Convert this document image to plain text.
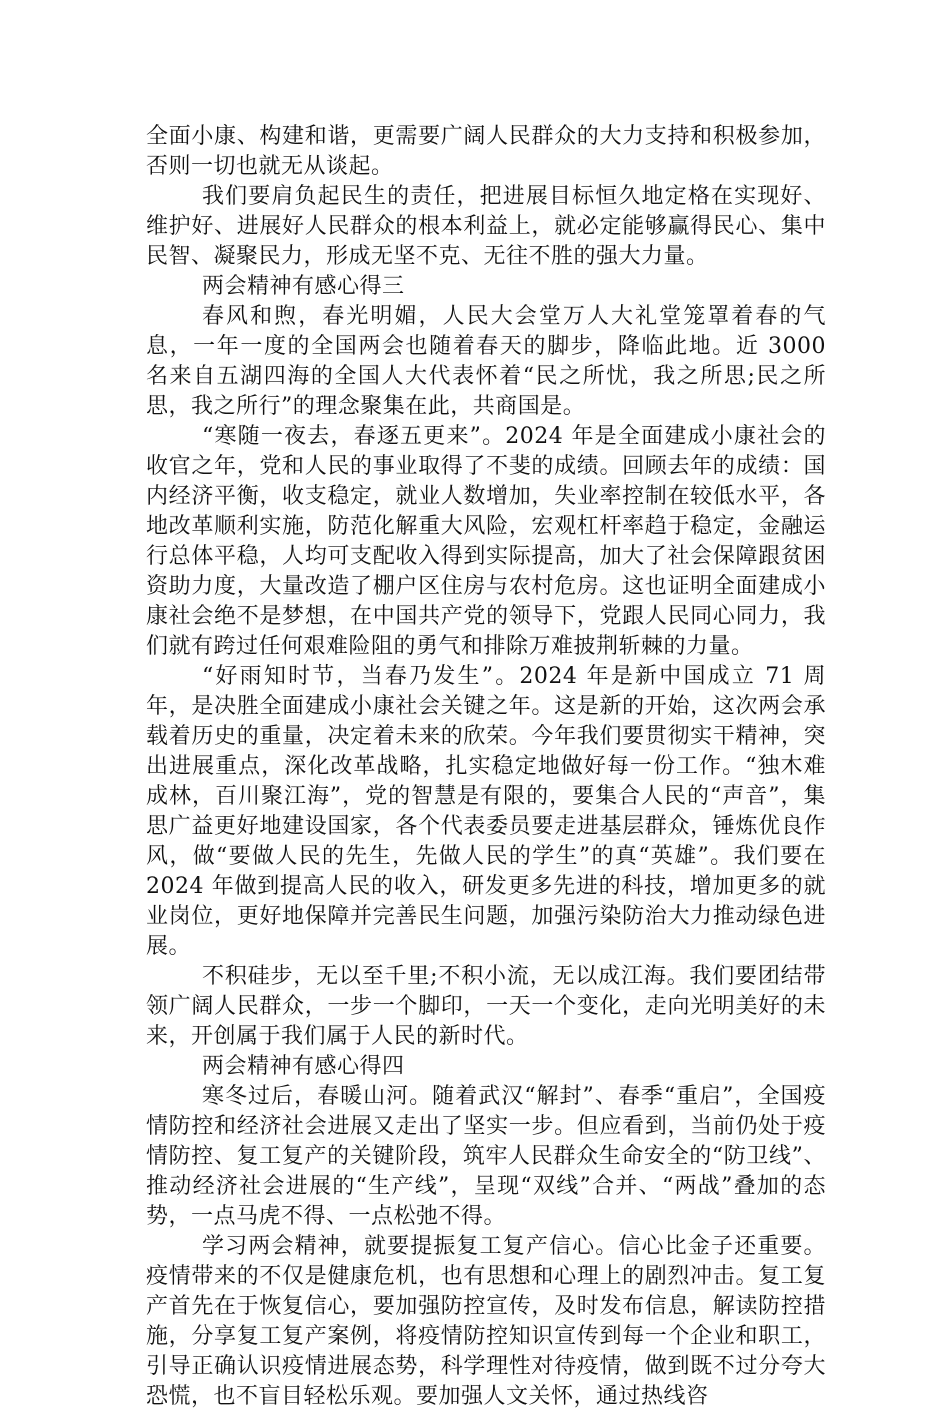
全面小康、构建和谐，更需要广阔人民群众的大力支持和积极参加，否则一切也就无从谈起。

我们要肩负起民生的责任，把进展目标恒久地定格在实现好、维护好、进展好人民群众的根本利益上，就必定能够赢得民心、集中民智、凝聚民力，形成无坚不克、无往不胜的强大力量。

两会精神有感心得三

春风和煦，春光明媚，人民大会堂万人大礼堂笼罩着春的气息，一年一度的全国两会也随着春天的脚步，降临此地。近 3000 名来自五湖四海的全国人大代表怀着“民之所忧，我之所思;民之所思，我之所行”的理念聚集在此，共商国是。

“寒随一夜去，春逐五更来”。2024 年是全面建成小康社会的收官之年，党和人民的事业取得了不斐的成绩。回顾去年的成绩：国内经济平衡，收支稳定，就业人数增加，失业率控制在较低水平，各地改革顺利实施，防范化解重大风险，宏观杠杆率趋于稳定，金融运行总体平稳，人均可支配收入得到实际提高，加大了社会保障跟贫困资助力度，大量改造了棚户区住房与农村危房。这也证明全面建成小康社会绝不是梦想，在中国共产党的领导下，党跟人民同心同力，我们就有跨过任何艰难险阻的勇气和排除万难披荆斩棘的力量。

“好雨知时节，当春乃发生”。2024 年是新中国成立 71 周年，是决胜全面建成小康社会关键之年。这是新的开始，这次两会承载着历史的重量，决定着未来的欣荣。今年我们要贯彻实干精神，突出进展重点，深化改革战略，扎实稳定地做好每一份工作。“独木难成林，百川聚江海”，党的智慧是有限的，要集合人民的“声音”，集思广益更好地建设国家，各个代表委员要走进基层群众，锤炼优良作风，做“要做人民的先生，先做人民的学生”的真“英雄”。我们要在 2024 年做到提高人民的收入，研发更多先进的科技，增加更多的就业岗位，更好地保障并完善民生问题，加强污染防治大力推动绿色进展。

不积硅步，无以至千里;不积小流，无以成江海。我们要团结带领广阔人民群众，一步一个脚印，一天一个变化，走向光明美好的未来，开创属于我们属于人民的新时代。

两会精神有感心得四

寒冬过后，春暖山河。随着武汉“解封”、春季“重启”，全国疫情防控和经济社会进展又走出了坚实一步。但应看到，当前仍处于疫情防控、复工复产的关键阶段，筑牢人民群众生命安全的“防卫线”、推动经济社会进展的“生产线”，呈现“双线”合并、“两战”叠加的态势，一点马虎不得、一点松弛不得。

学习两会精神，就要提振复工复产信心。信心比金子还重要。疫情带来的不仅是健康危机，也有思想和心理上的剧烈冲击。复工复产首先在于恢复信心，要加强防控宣传，及时发布信息，解读防控措施，分享复工复产案例，将疫情防控知识宣传到每一个企业和职工，引导正确认识疫情进展态势，科学理性对待疫情，做到既不过分夸大恐慌，也不盲目轻松乐观。要加强人文关怀，通过热线咨
